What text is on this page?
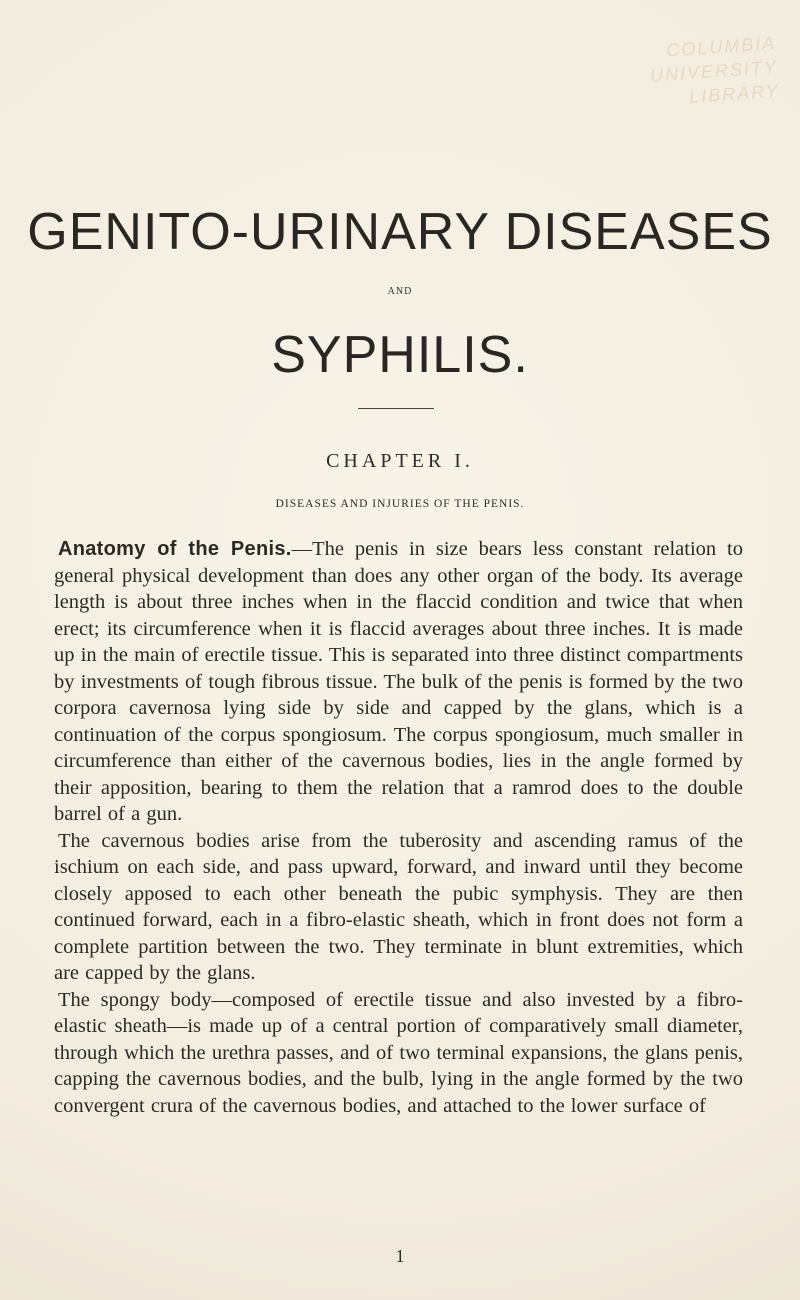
COLUMBIA
UNIVERSITY
LIBRARY
GENITO-URINARY DISEASES
AND
SYPHILIS.
CHAPTER I.
DISEASES AND INJURIES OF THE PENIS.

Anatomy of the Penis.—The penis in size bears less constant relation to general physical development than does any other organ of the body. Its average length is about three inches when in the flaccid condition and twice that when erect; its circumference when it is flaccid averages about three inches. It is made up in the main of erectile tissue. This is separated into three distinct compartments by investments of tough fibrous tissue. The bulk of the penis is formed by the two corpora cavernosa lying side by side and capped by the glans, which is a continuation of the corpus spongiosum. The corpus spongiosum, much smaller in circumference than either of the cavernous bodies, lies in the angle formed by their apposition, bearing to them the relation that a ramrod does to the double barrel of a gun.

The cavernous bodies arise from the tuberosity and ascending ramus of the ischium on each side, and pass upward, forward, and inward until they become closely apposed to each other beneath the pubic symphysis. They are then continued forward, each in a fibro-elastic sheath, which in front does not form a complete partition between the two. They terminate in blunt extremities, which are capped by the glans.

The spongy body—composed of erectile tissue and also invested by a fibro-elastic sheath—is made up of a central portion of comparatively small diameter, through which the urethra passes, and of two terminal expansions, the glans penis, capping the cavernous bodies, and the bulb, lying in the angle formed by the two convergent crura of the cavernous bodies, and attached to the lower surface of

1
